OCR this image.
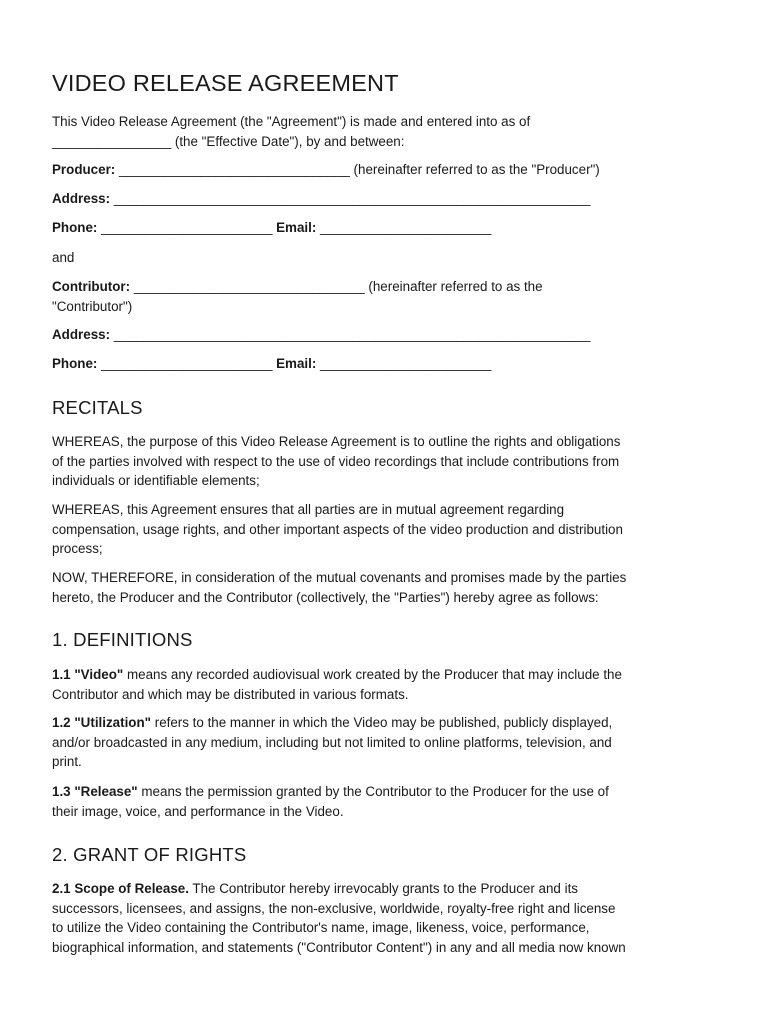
VIDEO RELEASE AGREEMENT
This Video Release Agreement (the "Agreement") is made and entered into as of
________________ (the "Effective Date"), by and between:
Producer: _______________________________ (hereinafter referred to as the "Producer")
Address: ________________________________________________________________
Phone: _______________________ Email: _______________________
and
Contributor: _______________________________ (hereinafter referred to as the
"Contributor")
Address: ________________________________________________________________
Phone: _______________________ Email: _______________________
RECITALS
WHEREAS, the purpose of this Video Release Agreement is to outline the rights and obligations
of the parties involved with respect to the use of video recordings that include contributions from
individuals or identifiable elements;
WHEREAS, this Agreement ensures that all parties are in mutual agreement regarding
compensation, usage rights, and other important aspects of the video production and distribution
process;
NOW, THEREFORE, in consideration of the mutual covenants and promises made by the parties
hereto, the Producer and the Contributor (collectively, the "Parties") hereby agree as follows:
1. DEFINITIONS
1.1 "Video" means any recorded audiovisual work created by the Producer that may include the
Contributor and which may be distributed in various formats.
1.2 "Utilization" refers to the manner in which the Video may be published, publicly displayed,
and/or broadcasted in any medium, including but not limited to online platforms, television, and
print.
1.3 "Release" means the permission granted by the Contributor to the Producer for the use of
their image, voice, and performance in the Video.
2. GRANT OF RIGHTS
2.1 Scope of Release. The Contributor hereby irrevocably grants to the Producer and its
successors, licensees, and assigns, the non-exclusive, worldwide, royalty-free right and license
to utilize the Video containing the Contributor's name, image, likeness, voice, performance,
biographical information, and statements ("Contributor Content") in any and all media now known
